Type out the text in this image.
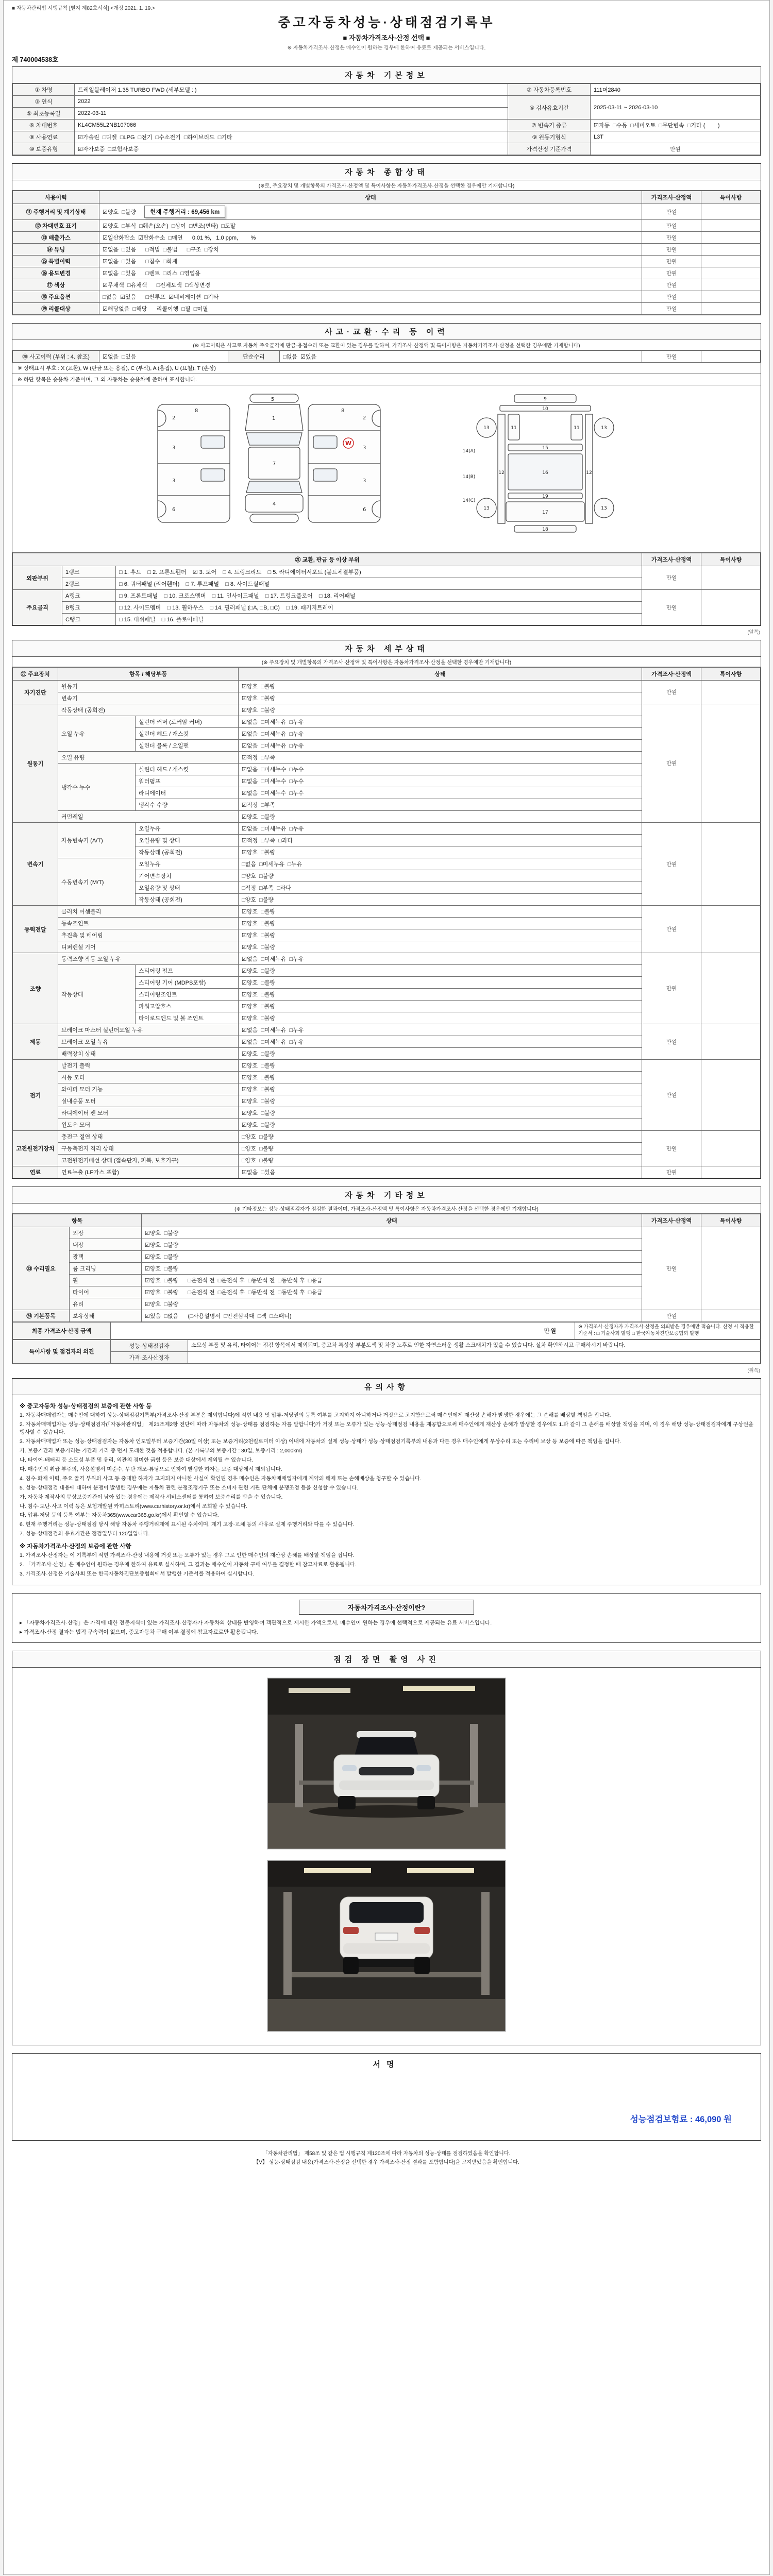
■ 자동차관리법 시행규칙 [별지 제82호서식] <개정 2021. 1. 19.>
중고자동차성능·상태점검기록부
■ 자동차가격조사·산정 선택 ■
※ 자동차가격조사·산정은 매수인이 원하는 경우에 한하여 유료로 제공되는 서비스입니다.
제 740004538호
자동차 기본정보
① 차명	트레일블레이저 1.35 TURBO FWD (세부모델 : )	② 자동차등록번호	111머2840
③ 연식	2022	④ 검사유효기간	2025-03-11 ~ 2026-03-10
⑤ 최초등록일	2022-03-11		
⑥ 차대번호	KL4CM55L2NB107066	⑦ 변속기 종류	☑자동  □수동  □세미오토  □무단변속  □기타 (        )
⑧ 사용연료	☑가솔린  □디젤  □LPG  □전기  □수소전기  □하이브리드  □기타	⑨ 원동기형식	L3T
⑩ 보증유형	☑자가보증  □보험사보증	가격산정 기준가격	만원
자동차 종합상태
(※로, 주요장치 및 개별항목의 가격조사·산정액 및 특이사항은 자동차가격조사·산정을 선택한 경우에만 기재합니다)
사용이력	상태	가격조사·산정액	특이사항
⑪ 주행거리 및 계기상태	☑양호  □불량 현재 주행거리 : 69,456 km	만원	
⑫ 차대번호 표기	☑양호  □부식  □훼손(오손)  □상이  □변조(변타)  □도말	만원	
⑬ 배출가스	☑일산화탄소  ☑탄화수소  □매연      0.01 %,   1.0 ppm,        %	만원	
⑭ 튜닝	☑없음  □있음      □적법  □불법      □구조  □장치	만원	
⑮ 특별이력	☑없음  □있음      □침수  □화재	만원	
⑯ 용도변경	☑없음  □있음      □렌트  □리스  □영업용	만원	
⑰ 색상	☑무채색  □유채색      □전체도색  □색상변경	만원	
⑱ 주요옵션	□없음  ☑있음      □썬루프  ☑네비게이션  □기타	만원	
⑲ 리콜대상	☑해당없음  □해당      리콜이행  □필  □미필	만원	
사고·교환·수리 등 이력
(※ 사고이력은 사고로 자동차 주요골격에 판금·용접수리 또는 교환이 있는 경우를 말하며, 가격조사·산정액 및 특이사항은 자동차가격조사·산정을 선택한 경우에만 기재합니다)
⑳ 사고이력 (부위 : 4. 참조)	☑없음  □있음	단순수리	□없음  ☑있음	만원	
※ 상태표시 부호 : X (교환), W (판금 또는 용접), C (부식), A (흠집), U (요철), T (손상)
※ 하단 항목은 승용차 기준이며, 그 외 자동차는 승용차에 준하여 표시합니다.
5
1
7
4
2
3
3
6
2
3
3
6
8	8
W
9
10
11	11
12	12
13	13
13	13
15
16
19
17
18
14(A)
14(B)
14(C)
㉑ 교환, 판금 등 이상 부위			가격조사·산정액	특이사항
외판부위	1랭크	□ 1. 후드    □ 2. 프론트휀더    ☑ 3. 도어    □ 4. 트렁크리드    □ 5. 라디에이터서포트 (볼트체결부품)	만원	
	2랭크	□ 6. 쿼터패널 (리어휀더)    □ 7. 루프패널    □ 8. 사이드실패널		
주요골격	A랭크	□ 9. 프론트패널    □ 10. 크로스멤버    □ 11. 인사이드패널    □ 17. 트렁크플로어    □ 18. 리어패널	만원	
	B랭크	□ 12. 사이드멤버    □ 13. 휠하우스    □ 14. 필러패널 (□A, □B, □C)    □ 19. 패키지트레이		
	C랭크	□ 15. 대쉬패널    □ 16. 플로어패널		
(앞쪽)
자동차 세부상태
(※ 주요장치 및 개별항목의 가격조사·산정액 및 특이사항은 자동차가격조사·산정을 선택한 경우에만 기재합니다)
㉒ 주요장치	항목 / 해당부품		상태	가격조사·산정액	특이사항
자기진단	원동기		☑양호  □불량	만원	
	변속기		☑양호  □불량		
원동기	작동상태 (공회전)		☑양호  □불량	만원	
	오일 누유	실린더 커버 (로커암 커버)	☑없음  □미세누유  □누유		
		실린더 헤드 / 개스킷	☑없음  □미세누유  □누유		
		실린더 블록 / 오일팬	☑없음  □미세누유  □누유		
	오일 유량		☑적정  □부족		
	냉각수 누수	실린더 헤드 / 개스킷	☑없음  □미세누수  □누수		
		워터펌프	☑없음  □미세누수  □누수		
		라디에이터	☑없음  □미세누수  □누수		
		냉각수 수량	☑적정  □부족		
	커먼레일		☑양호  □불량		
변속기	자동변속기 (A/T)	오일누유	☑없음  □미세누유  □누유	만원	
		오일유량 및 상태	☑적정  □부족  □과다		
		작동상태 (공회전)	☑양호  □불량		
	수동변속기 (M/T)	오일누유	□없음  □미세누유  □누유		
		기어변속장치	□양호  □불량		
		오일유량 및 상태	□적정  □부족  □과다		
		작동상태 (공회전)	□양호  □불량		
동력전달	클러치 어셈블리		☑양호  □불량	만원	
	등속조인트		☑양호  □불량		
	추진축 및 베어링		☑양호  □불량		
	디퍼렌셜 기어		☑양호  □불량		
조향	동력조향 작동 오일 누유		☑없음  □미세누유  □누유	만원	
	작동상태	스티어링 펌프	☑양호  □불량		
		스티어링 기어 (MDPS포함)	☑양호  □불량		
		스티어링조인트	☑양호  □불량		
		파워고압호스	☑양호  □불량		
		타이로드엔드 및 볼 조인트	☑양호  □불량		
제동	브레이크 마스터 실린더오일 누유		☑없음  □미세누유  □누유	만원	
	브레이크 오일 누유		☑없음  □미세누유  □누유		
	배력장치 상태		☑양호  □불량		
전기	발전기 출력		☑양호  □불량	만원	
	시동 모터		☑양호  □불량		
	와이퍼 모터 기능		☑양호  □불량		
	실내송풍 모터		☑양호  □불량		
	라디에이터 팬 모터		☑양호  □불량		
	윈도우 모터		☑양호  □불량		
고전원전기장치	충전구 절연 상태		□양호  □불량	만원	
	구동축전지 격리 상태		□양호  □불량		
	고전원전기배선 상태 (접속단자, 피복, 보호기구)		□양호  □불량		
연료	연료누출 (LP가스 포함)		☑없음  □있음	만원	
자동차 기타정보
(※ 기타정보는 성능·상태점검자가 점검한 결과이며, 가격조사·산정액 및 특이사항은 자동차가격조사·산정을 선택한 경우에만 기재합니다)
항목		상태	가격조사·산정액	특이사항
㉓ 수리필요	외장	☑양호  □불량	만원	
	내장	☑양호  □불량		
	광택	☑양호  □불량		
	룸 크리닝	☑양호  □불량		
	휠	☑양호  □불량      □운전석 전  □운전석 후  □동반석 전  □동반석 후  □응급		
	타이어	☑양호  □불량      □운전석 전  □운전석 후  □동반석 전  □동반석 후  □응급		
	유리	☑양호  □불량		
㉔ 기본품목	보유상태	☑있음  □없음      (□사용설명서  □안전삼각대  □잭  □스패너)	만원	
최종 가격조사·산정 금액	만원	※ 가격조사·산정자가 가격조사·산정을 의뢰받은 경우에만 적습니다. 산정 시 적용한 기준서 : □ 기술사회 발행 □ 한국자동차진단보증협회 발행
특이사항 및 점검자의 의견	성능·상태점검자	소모성 부품 및 유리, 타이어는 점검 항목에서 제외되며, 중고차 특성상 부분도색 및 차량 노후로 인한 자연스러운 생활 스크래치가 있을 수 있습니다. 실차 확인하시고 구매하시기 바랍니다.
	가격·조사산정자	
(뒤쪽)
유의사항
※ 중고자동차 성능·상태점검의 보증에 관한 사항 등

1. 자동차매매업자는 매수인에 대하여 성능·상태점검기록부(가격조사·산정 부분은 제외합니다)에 적힌 내용 및 압류·저당권의 등록 여부를 고지하지 아니하거나 거짓으로 고지함으로써 매수인에게 재산상 손해가 발생한 경우에는 그 손해를 배상할 책임을 집니다.

2. 자동차매매업자는 성능·상태점검자(「자동차관리법」 제21조제2항 전단에 따라 자동차의 성능·상태를 점검하는 자를 말합니다)가 거짓 또는 오류가 있는 성능·상태점검 내용을 제공함으로써 매수인에게 재산상 손해가 발생한 경우에도 1.과 같이 그 손해를 배상할 책임을 지며, 이 경우 해당 성능·상태점검자에게 구상권을 행사할 수 있습니다.

3. 자동차매매업자 또는 성능·상태점검자는 자동차 인도일부터 보증기간(30일 이상) 또는 보증거리(2천킬로미터 이상) 이내에 자동차의 실제 성능·상태가 성능·상태점검기록부의 내용과 다른 경우 매수인에게 무상수리 또는 수리비 보상 등 보증에 따른 책임을 집니다.

가. 보증기간과 보증거리는 기간과 거리 중 먼저 도래한 것을 적용합니다. (본 기록부의 보증기간 : 30일, 보증거리 : 2,000km)

나. 타이어·배터리 등 소모성 부품 및 유리, 외관의 경미한 긁힘 등은 보증 대상에서 제외될 수 있습니다.

다. 매수인의 취급 부주의, 사용설명서 미준수, 무단 개조·튜닝으로 인하여 발생한 하자는 보증 대상에서 제외됩니다.

4. 침수·화재 이력, 주요 골격 부위의 사고 등 중대한 하자가 고지되지 아니한 사실이 확인된 경우 매수인은 자동차매매업자에게 계약의 해제 또는 손해배상을 청구할 수 있습니다.

5. 성능·상태점검 내용에 대하여 분쟁이 발생한 경우에는 자동차 관련 분쟁조정기구 또는 소비자 관련 기관·단체에 분쟁조정 등을 신청할 수 있습니다.

가. 자동차 제작사의 무상보증기간이 남아 있는 경우에는 제작사 서비스센터를 통하여 보증수리를 받을 수 있습니다.

나. 침수·도난·사고 이력 등은 보험개발원 카히스토리(www.carhistory.or.kr)에서 조회할 수 있습니다.

다. 압류·저당 등의 등록 여부는 자동차365(www.car365.go.kr)에서 확인할 수 있습니다.

6. 현재 주행거리는 성능·상태점검 당시 해당 자동차 주행거리계에 표시된 수치이며, 계기 고장·교체 등의 사유로 실제 주행거리와 다를 수 있습니다.

7. 성능·상태점검의 유효기간은 점검일부터 120일입니다.

※ 자동차가격조사·산정의 보증에 관한 사항

1. 가격조사·산정자는 이 기록부에 적힌 가격조사·산정 내용에 거짓 또는 오류가 있는 경우 그로 인한 매수인의 재산상 손해를 배상할 책임을 집니다.

2. 「가격조사·산정」은 매수인이 원하는 경우에 한하여 유료로 실시하며, 그 결과는 매수인이 자동차 구매 여부를 결정할 때 참고자료로 활용됩니다.

3. 가격조사·산정은 기술사회 또는 한국자동차진단보증협회에서 발행한 기준서를 적용하여 실시합니다.

자동차가격조사·산정이란?

▸ 「자동차가격조사·산정」은 가격에 대한 전문지식이 있는 가격조사·산정자가 자동차의 상태를 반영하여 객관적으로 제시한 가액으로서, 매수인이 원하는 경우에 선택적으로 제공되는 유료 서비스입니다.

▸ 가격조사·산정 결과는 법적 구속력이 없으며, 중고자동차 구매 여부 결정에 참고자료로만 활용됩니다.

점검 장면 촬영 사진
서명
성능점검보험료 : 46,090 원
「자동차관리법」 제58조 및 같은 법 시행규칙 제120조에 따라 자동차의 성능·상태를 점검하였음을 확인합니다.
【V】 성능·상태점검 내용(가격조사·산정을 선택한 경우 가격조사·산정 결과를 포함합니다)을 고지받았음을 확인합니다.
